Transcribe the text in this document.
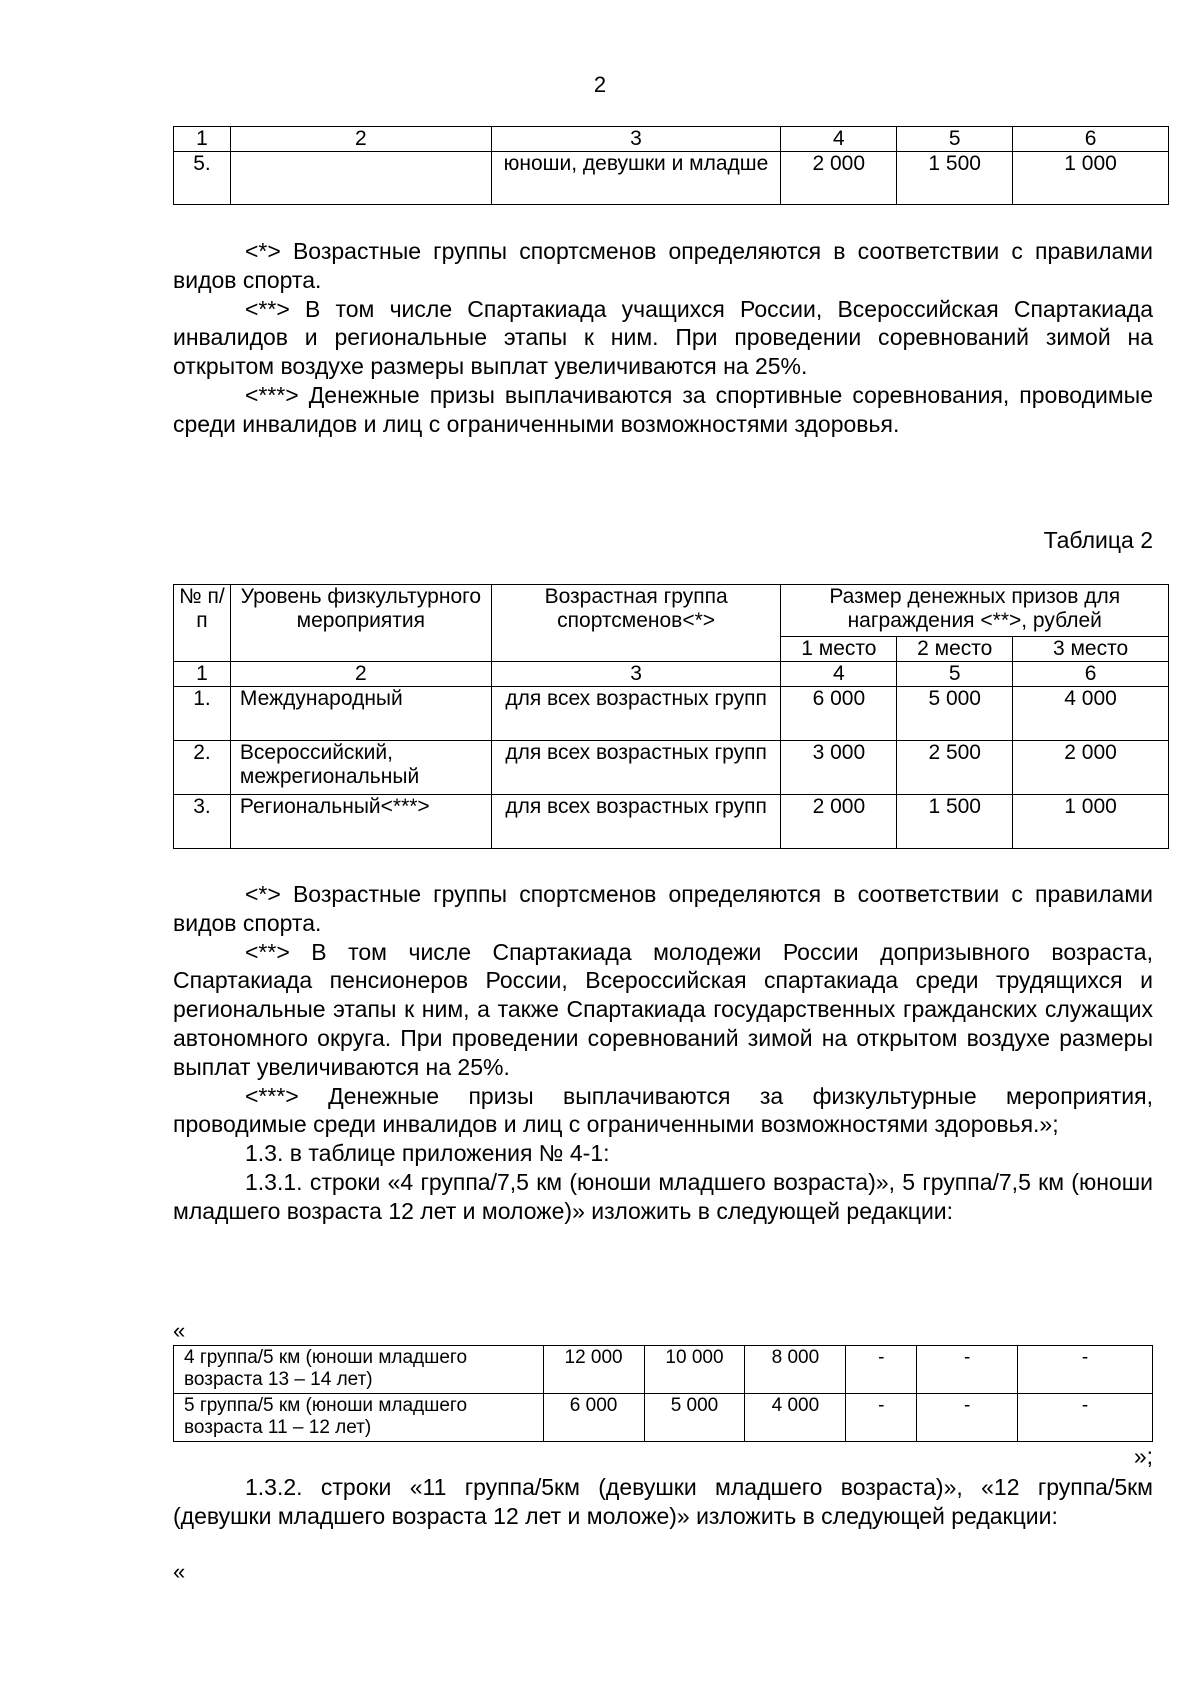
2
1	2	3	4	5	6
5.		юноши, девушки и младше	2 000	1 500	1 000

<*> Возрастные группы спортсменов определяются в соответствии с правилами видов спорта.

<**> В том числе Спартакиада учащихся России, Всероссийская Спартакиада инвалидов и региональные этапы к ним. При проведении соревнований зимой на открытом воздухе размеры выплат увеличиваются на 25%.

<***> Денежные призы выплачиваются за спортивные соревнования, проводимые среди инвалидов и лиц с ограниченными возможностями здоровья.

Таблица 2
№ п/п	Уровень физкультурного мероприятия	Возрастная группа спортсменов<*>	Размер денежных призов для награждения <**>, рублей		
			1 место	2 место	3 место
1	2	3	4	5	6
1.	Международный	для всех возрастных групп	6 000	5 000	4 000
2.	Всероссийский, межрегиональный	для всех возрастных групп	3 000	2 500	2 000
3.	Региональный<***>	для всех возрастных групп	2 000	1 500	1 000

<*> Возрастные группы спортсменов определяются в соответствии с правилами видов спорта.

<**> В том числе Спартакиада молодежи России допризывного возраста, Спартакиада пенсионеров России, Всероссийская спартакиада среди трудящихся и региональные этапы к ним, а также Спартакиада государственных гражданских служащих автономного округа. При проведении соревнований зимой на открытом воздухе размеры выплат увеличиваются на 25%.

<***> Денежные призы выплачиваются за физкультурные мероприятия, проводимые среди инвалидов и лиц с ограниченными возможностями здоровья.»;

1.3. в таблице приложения № 4-1:

1.3.1. строки «4 группа/7,5 км (юноши младшего возраста)», 5 группа/7,5 км (юноши младшего возраста 12 лет и моложе)» изложить в следующей редакции:

«
4 группа/5 км (юноши младшего возраста 13 – 14 лет)	12 000	10 000	8 000	-	-	-
5 группа/5 км (юноши младшего возраста 11 – 12 лет)	6 000	5 000	4 000	-	-	-
»;

1.3.2. строки «11 группа/5км (девушки младшего возраста)», «12 группа/5км (девушки младшего возраста 12 лет и моложе)» изложить в следующей редакции:

«
